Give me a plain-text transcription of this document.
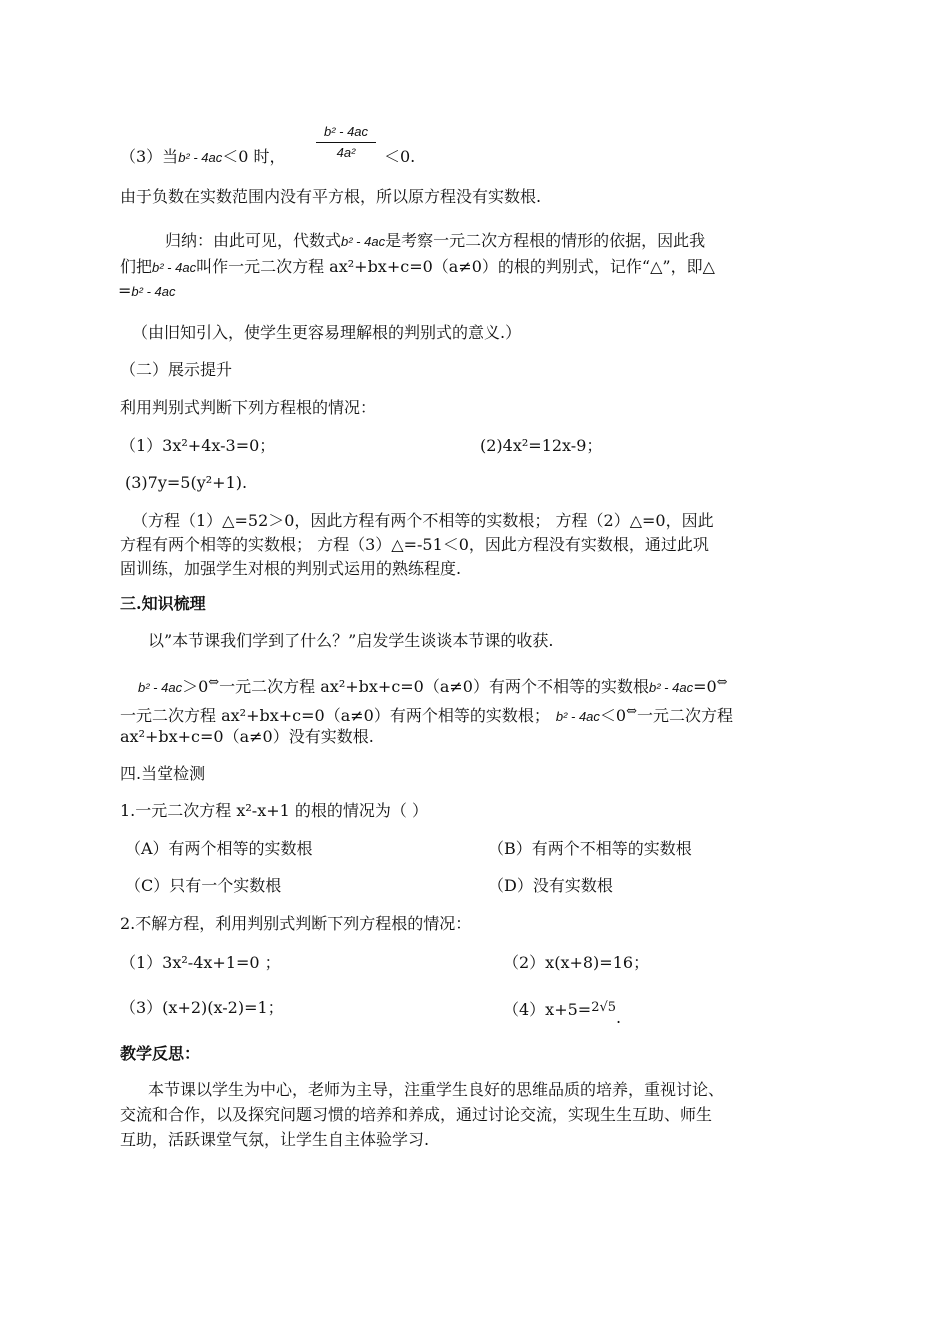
（3）当b² - 4ac＜0 时，
b² - 4ac
4a²	＜0.
由于负数在实数范围内没有平方根，所以原方程没有实数根.
归纳：由此可见，代数式b² - 4ac是考察一元二次方程根的情形的依据，因此我
们把b² - 4ac叫作一元二次方程 ax²+bx+c=0（a≠0）的根的判别式，记作“△”，即△
=b² - 4ac
（由旧知引入，使学生更容易理解根的判别式的意义.）
（二）展示提升
利用判别式判断下列方程根的情况：
（1）3x²+4x-3=0；	(2)4x²=12x-9；
(3)7y=5(y²+1).
（方程（1）△=52＞0，因此方程有两个不相等的实数根； 方程（2）△=0，因此
方程有两个相等的实数根； 方程（3）△=-51＜0，因此方程没有实数根，通过此巩
固训练，加强学生对根的判别式运用的熟练程度.
三.知识梳理
以”本节课我们学到了什么？”启发学生谈谈本节课的收获.
b² - 4ac＞0⇔一元二次方程 ax²+bx+c=0（a≠0）有两个不相等的实数根b² - 4ac=0⇔
一元二次方程 ax²+bx+c=0（a≠0）有两个相等的实数根； b² - 4ac＜0⇔一元二次方程
ax²+bx+c=0（a≠0）没有实数根.
四.当堂检测
1.一元二次方程 x²-x+1 的根的情况为（ ）
（A）有两个相等的实数根	（B）有两个不相等的实数根
（C）只有一个实数根	（D）没有实数根
2.不解方程，利用判别式判断下列方程根的情况：
（1）3x²-4x+1=0 ；	（2）x(x+8)=16；
（3）(x+2)(x-2)=1；	（4）x+5=$^{2√5}$.
教学反思：
本节课以学生为中心，老师为主导，注重学生良好的思维品质的培养，重视讨论、
交流和合作，以及探究问题习惯的培养和养成，通过讨论交流，实现生生互助、师生
互助，活跃课堂气氛，让学生自主体验学习.
